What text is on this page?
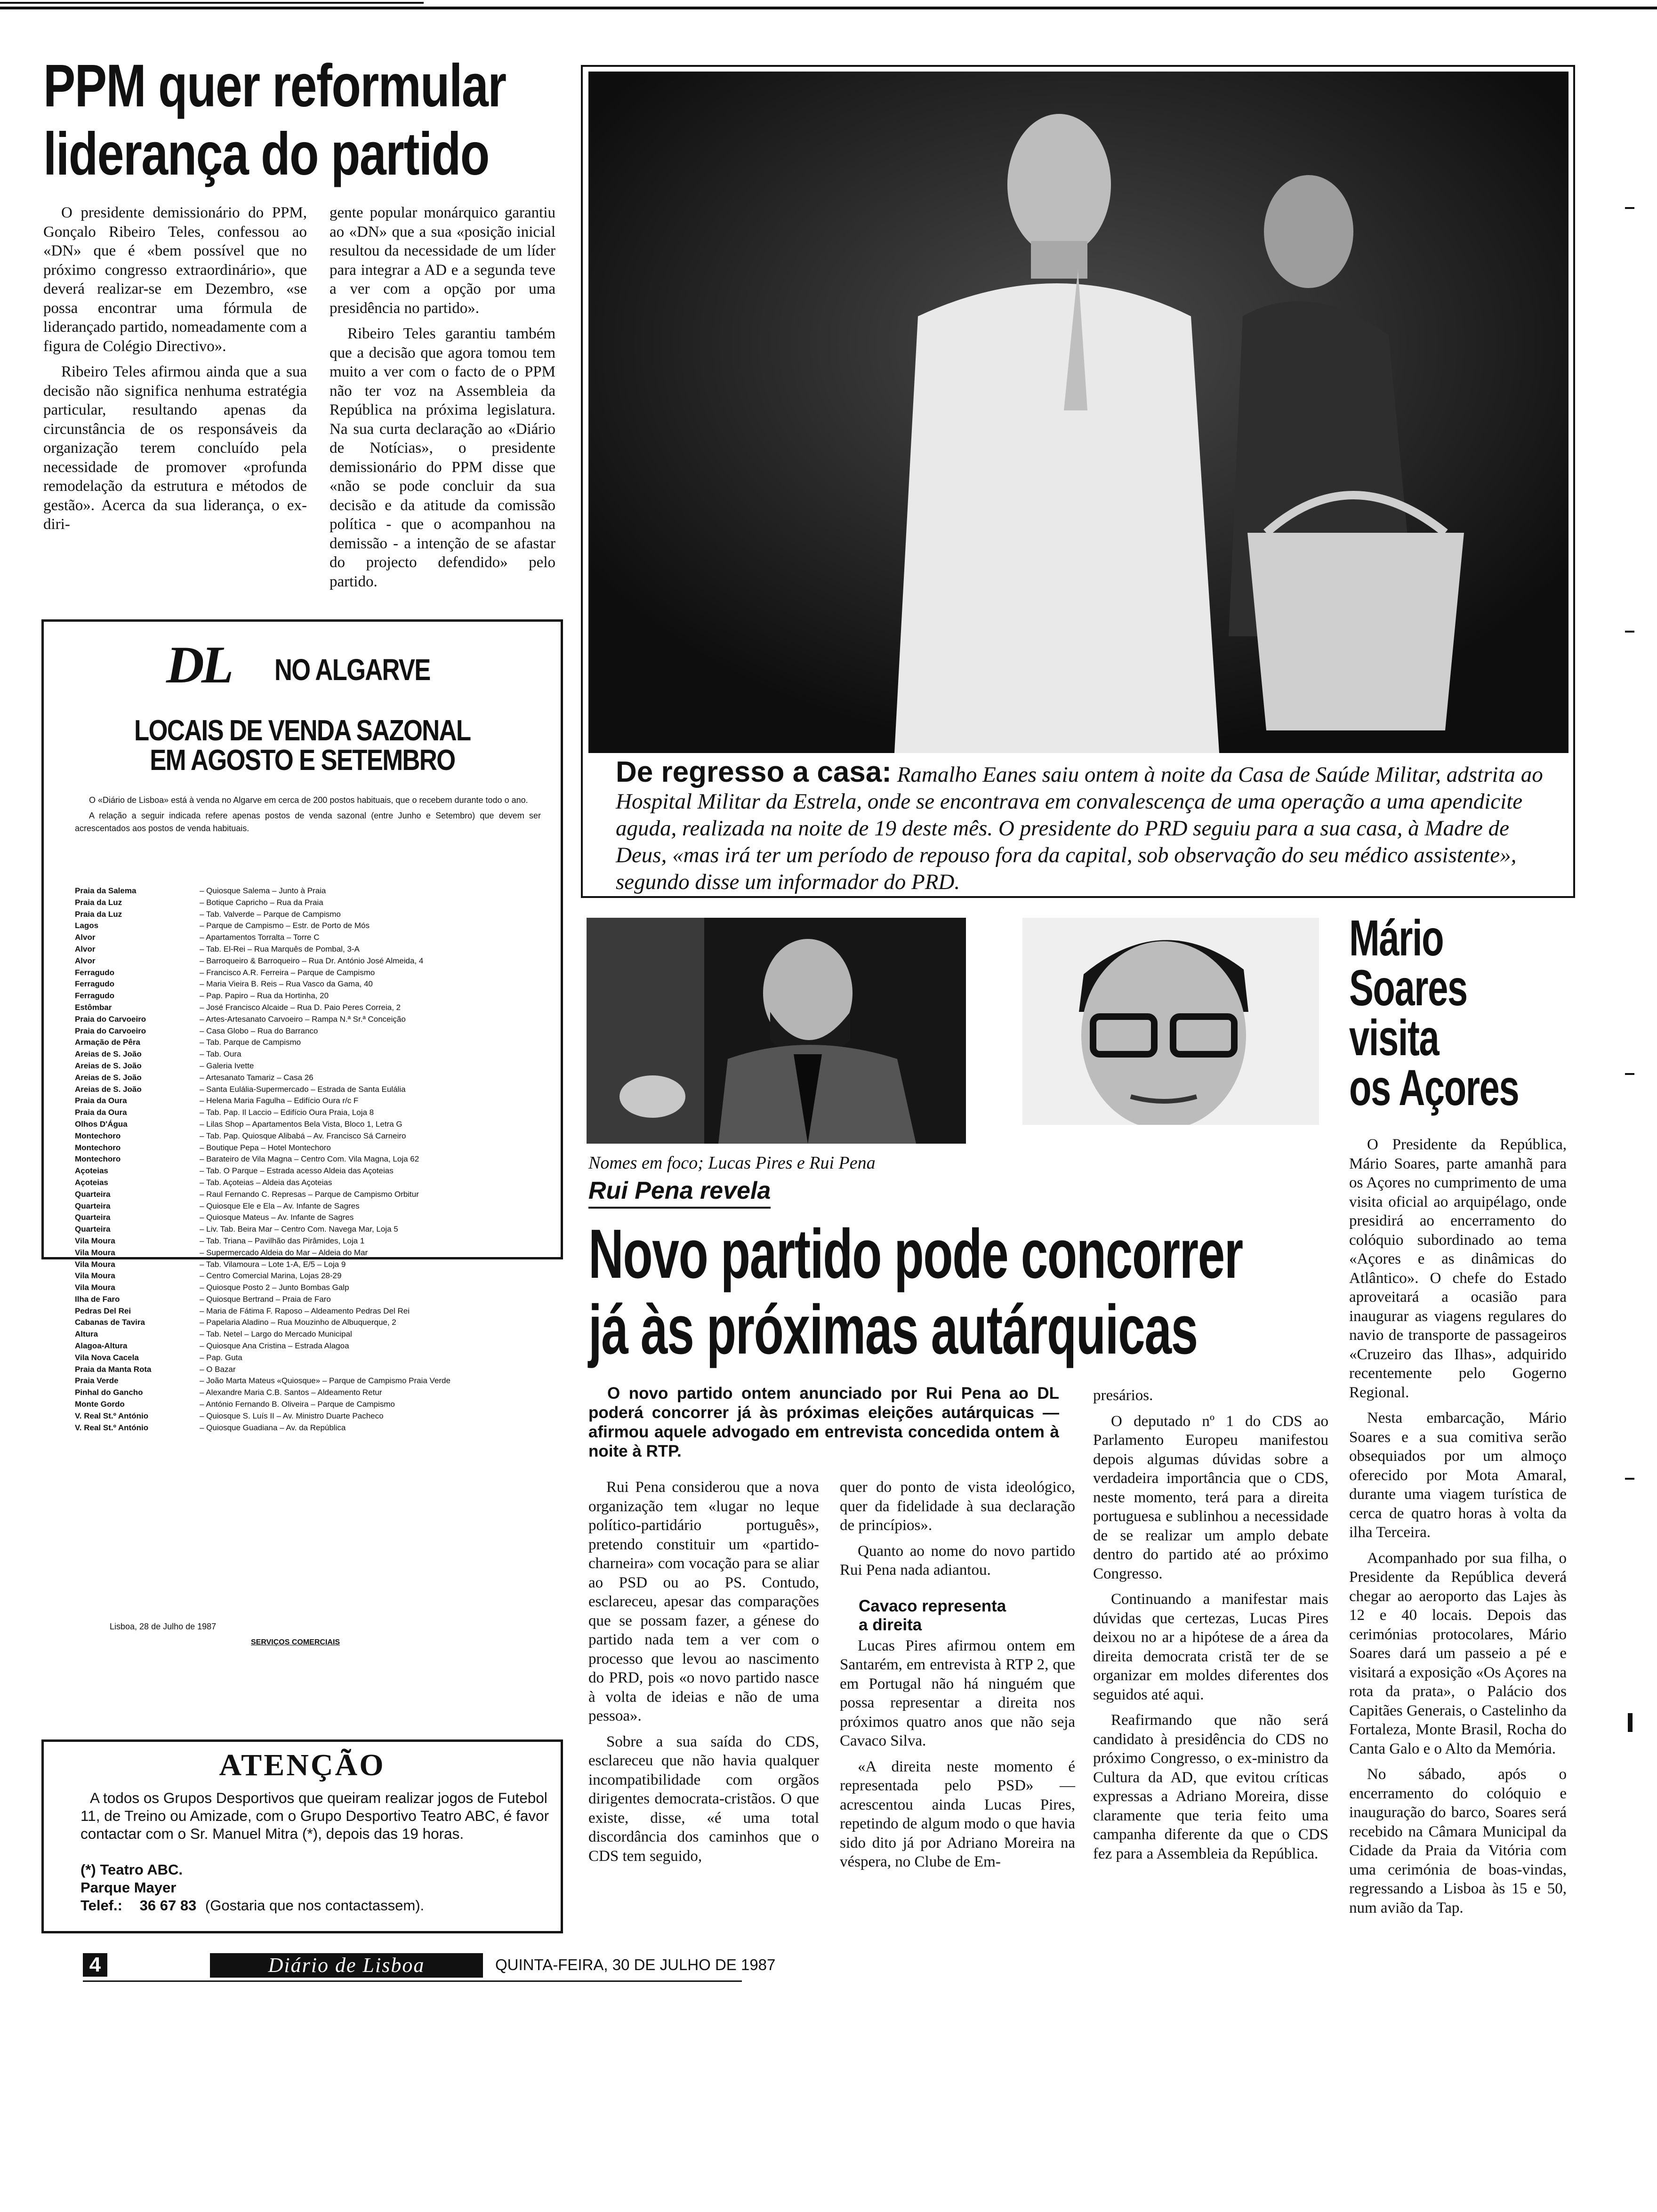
PPM quer reformular
liderança do partido

O presidente demissionário do PPM, Gonçalo Ribeiro Teles, confessou ao «DN» que é «bem possível que no próximo congresso extraordinário», que deverá realizar-se em Dezembro, «se possa encontrar uma fórmula de liderançado partido, nomeadamente com a figura de Colégio Directivo».

Ribeiro Teles afirmou ainda que a sua decisão não significa nenhuma estratégia particular, resultando apenas da circunstância de os responsáveis da organização terem concluído pela necessidade de promover «profunda remodelação da estrutura e métodos de gestão». Acerca da sua liderança, o ex-diri-

gente popular monárquico garantiu ao «DN» que a sua «posição inicial resultou da necessidade de um líder para integrar a AD e a segunda teve a ver com a opção por uma presidência no partido».

Ribeiro Teles garantiu também que a decisão que agora tomou tem muito a ver com o facto de o PPM não ter voz na Assembleia da República na próxima legislatura. Na sua curta declaração ao «Diário de Notícias», o presidente demissionário do PPM disse que «não se pode concluir da sua decisão e da atitude da comissão política - que o acompanhou na demissão - a intenção de se afastar do projecto defendido» pelo partido.

DL NO ALGARVE
LOCAIS DE VENDA SAZONAL
EM AGOSTO E SETEMBRO

O «Diário de Lisboa» está à venda no Algarve em cerca de 200 postos habituais, que o recebem durante todo o ano.

A relação a seguir indicada refere apenas postos de venda sazonal (entre Junho e Setembro) que devem ser acrescentados aos postos de venda habituais.

Praia da Salema	– Quiosque Salema – Junto à Praia
Praia da Luz	– Botique Capricho – Rua da Praia
Praia da Luz	– Tab. Valverde – Parque de Campismo
Lagos	– Parque de Campismo – Estr. de Porto de Mós
Alvor	– Apartamentos Torralta – Torre C
Alvor	– Tab. El-Rei – Rua Marquês de Pombal, 3-A
Alvor	– Barroqueiro & Barroqueiro – Rua Dr. António José Almeida, 4
Ferragudo	– Francisco A.R. Ferreira – Parque de Campismo
Ferragudo	– Maria Vieira B. Reis – Rua Vasco da Gama, 40
Ferragudo	– Pap. Papiro – Rua da Hortinha, 20
Estômbar	– José Francisco Alcaide – Rua D. Paio Peres Correia, 2
Praia do Carvoeiro	– Artes-Artesanato Carvoeiro – Rampa N.ª Sr.ª Conceição
Praia do Carvoeiro	– Casa Globo – Rua do Barranco
Armação de Pêra	– Tab. Parque de Campismo
Areias de S. João	– Tab. Oura
Areias de S. João	– Galeria Ivette
Areias de S. João	– Artesanato Tamariz – Casa 26
Areias de S. João	– Santa Eulália-Supermercado – Estrada de Santa Eulália
Praia da Oura	– Helena Maria Fagulha – Edifício Oura r/c F
Praia da Oura	– Tab. Pap. Il Laccio – Edifício Oura Praia, Loja 8
Olhos D'Água	– Lilas Shop – Apartamentos Bela Vista, Bloco 1, Letra G
Montechoro	– Tab. Pap. Quiosque Alibabá – Av. Francisco Sá Carneiro
Montechoro	– Boutique Pepa – Hotel Montechoro
Montechoro	– Barateiro de Vila Magna – Centro Com. Vila Magna, Loja 62
Açoteias	– Tab. O Parque – Estrada acesso Aldeia das Açoteias
Açoteias	– Tab. Açoteias – Aldeia das Açoteias
Quarteira	– Raul Fernando C. Represas – Parque de Campismo Orbitur
Quarteira	– Quiosque Ele e Ela – Av. Infante de Sagres
Quarteira	– Quiosque Mateus – Av. Infante de Sagres
Quarteira	– Liv. Tab. Beira Mar – Centro Com. Navega Mar, Loja 5
Vila Moura	– Tab. Triana – Pavilhão das Pirâmides, Loja 1
Vila Moura	– Supermercado Aldeia do Mar – Aldeia do Mar
Vila Moura	– Tab. Vilamoura – Lote 1-A, E/5 – Loja 9
Vila Moura	– Centro Comercial Marina, Lojas 28-29
Vila Moura	– Quiosque Posto 2 – Junto Bombas Galp
Ilha de Faro	– Quiosque Bertrand – Praia de Faro
Pedras Del Rei	– Maria de Fátima F. Raposo – Aldeamento Pedras Del Rei
Cabanas de Tavira	– Papelaria Aladino – Rua Mouzinho de Albuquerque, 2
Altura	– Tab. Netel – Largo do Mercado Municipal
Alagoa-Altura	– Quiosque Ana Cristina – Estrada Alagoa
Vila Nova Cacela	– Pap. Guta
Praia da Manta Rota	– O Bazar
Praia Verde	– João Marta Mateus «Quiosque» – Parque de Campismo Praia Verde
Pinhal do Gancho	– Alexandre Maria C.B. Santos – Aldeamento Retur
Monte Gordo	– António Fernando B. Oliveira – Parque de Campismo
V. Real St.º António	– Quiosque S. Luís II – Av. Ministro Duarte Pacheco
V. Real St.º António	– Quiosque Guadiana – Av. da República
Lisboa, 28 de Julho de 1987
SERVIÇOS COMERCIAIS
ATENÇÃO
A todos os Grupos Desportivos que queiram realizar jogos de Futebol 11, de Treino ou Amizade, com o Grupo Desportivo Teatro ABC, é favor contactar com o Sr. Manuel Mitra (*), depois das 19 horas.
(*) Teatro ABC.
Parque Mayer
Telef.: 36 67 83 (Gostaria que nos contactassem).
4	Diário de Lisboa	QUINTA-FEIRA, 30 DE JULHO DE 1987
De regresso a casa: Ramalho Eanes saiu ontem à noite da Casa de Saúde Militar, adstrita ao Hospital Militar da Estrela, onde se encontrava em convalescença de uma operação a uma apendicite aguda, realizada na noite de 19 deste mês. O presidente do PRD seguiu para a sua casa, à Madre de Deus, «mas irá ter um período de repouso fora da capital, sob observação do seu médico assistente», segundo disse um informador do PRD.
Nomes em foco; Lucas Pires e Rui Pena
Rui Pena revela
Novo partido pode concorrer
já às próximas autárquicas
O novo partido ontem anunciado por Rui Pena ao DL poderá concorrer já às próximas eleições autárquicas — afirmou aquele advogado em entrevista concedida ontem à noite à RTP.

Rui Pena considerou que a nova organização tem «lugar no leque político-partidário português», pretendo constituir um «partido-charneira» com vocação para se aliar ao PSD ou ao PS. Contudo, esclareceu, apesar das comparações que se possam fazer, a génese do partido nada tem a ver com o processo que levou ao nascimento do PRD, pois «o novo partido nasce à volta de ideias e não de uma pessoa».

Sobre a sua saída do CDS, esclareceu que não havia qualquer incompatibilidade com orgãos dirigentes democrata-cristãos. O que existe, disse, «é uma total discordância dos caminhos que o CDS tem seguido,

quer do ponto de vista ideológico, quer da fidelidade à sua declaração de princípios».

Quanto ao nome do novo partido Rui Pena nada adiantou.

Cavaco representa
a direita

Lucas Pires afirmou ontem em Santarém, em entrevista à RTP 2, que em Portugal não há ninguém que possa representar a direita nos próximos quatro anos que não seja Cavaco Silva.

«A direita neste momento é representada pelo PSD» — acrescentou ainda Lucas Pires, repetindo de algum modo o que havia sido dito já por Adriano Moreira na véspera, no Clube de Em-

presários.

O deputado nº 1 do CDS ao Parlamento Europeu manifestou depois algumas dúvidas sobre a verdadeira importância que o CDS, neste momento, terá para a direita portuguesa e sublinhou a necessidade de se realizar um amplo debate dentro do partido até ao próximo Congresso.

Continuando a manifestar mais dúvidas que certezas, Lucas Pires deixou no ar a hipótese de a área da direita democrata cristã ter de se organizar em moldes diferentes dos seguidos até aqui.

Reafirmando que não será candidato à presidência do CDS no próximo Congresso, o ex-ministro da Cultura da AD, que evitou críticas expressas a Adriano Moreira, disse claramente que teria feito uma campanha diferente da que o CDS fez para a Assembleia da República.

Mário
Soares
visita
os Açores

O Presidente da República, Mário Soares, parte amanhã para os Açores no cumprimento de uma visita oficial ao arquipélago, onde presidirá ao encerramento do colóquio subordinado ao tema «Açores e as dinâmicas do Atlântico». O chefe do Estado aproveitará a ocasião para inaugurar as viagens regulares do navio de transporte de passageiros «Cruzeiro das Ilhas», adquirido recentemente pelo Gogerno Regional.

Nesta embarcação, Mário Soares e a sua comitiva serão obsequiados por um almoço oferecido por Mota Amaral, durante uma viagem turística de cerca de quatro horas à volta da ilha Terceira.

Acompanhado por sua filha, o Presidente da República deverá chegar ao aeroporto das Lajes às 12 e 40 locais. Depois das cerimónias protocolares, Mário Soares dará um passeio a pé e visitará a exposição «Os Açores na rota da prata», o Palácio dos Capitães Generais, o Castelinho da Fortaleza, Monte Brasil, Rocha do Canta Galo e o Alto da Memória.

No sábado, após o encerramento do colóquio e inauguração do barco, Soares será recebido na Câmara Municipal da Cidade da Praia da Vitória com uma cerimónia de boas-vindas, regressando a Lisboa às 15 e 50, num avião da Tap.
